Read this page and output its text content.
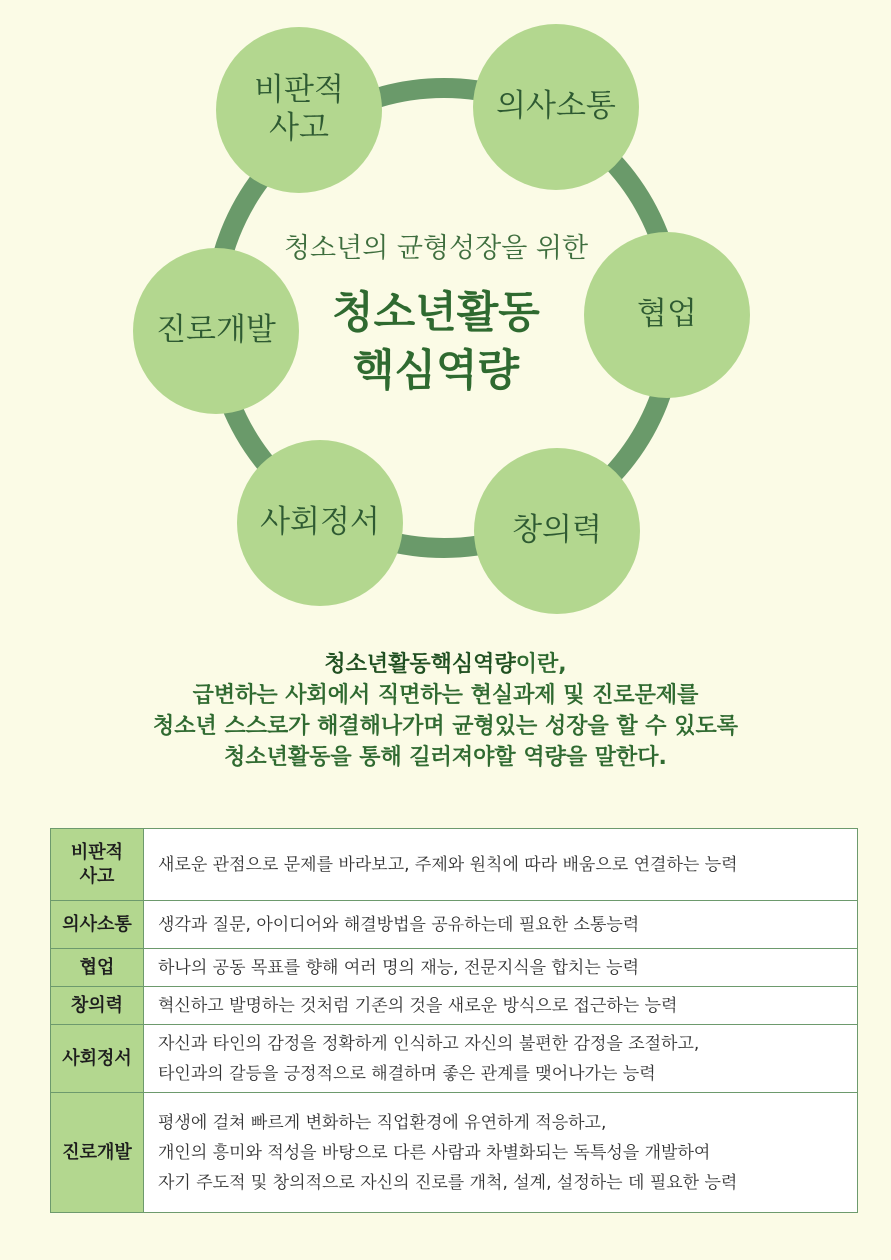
비판적
사고
의사소통
협업
창의력
사회정서
진로개발
청소년의 균형성장을 위한
청소년활동
핵심역량
청소년활동핵심역량이란,
급변하는 사회에서 직면하는 현실과제 및 진로문제를
청소년 스스로가 해결해나가며 균형있는 성장을 할 수 있도록
청소년활동을 통해 길러져야할 역량을 말한다.
비판적
사고	새로운 관점으로 문제를 바라보고, 주제와 원칙에 따라 배움으로 연결하는 능력
의사소통	생각과 질문, 아이디어와 해결방법을 공유하는데 필요한 소통능력
협업	하나의 공동 목표를 향해 여러 명의 재능, 전문지식을 합치는 능력
창의력	혁신하고 발명하는 것처럼 기존의 것을 새로운 방식으로 접근하는 능력
사회정서	자신과 타인의 감정을 정확하게 인식하고 자신의 불편한 감정을 조절하고,
타인과의 갈등을 긍정적으로 해결하며 좋은 관계를 맺어나가는 능력
진로개발	평생에 걸쳐 빠르게 변화하는 직업환경에 유연하게 적응하고,
개인의 흥미와 적성을 바탕으로 다른 사람과 차별화되는 독특성을 개발하여
자기 주도적 및 창의적으로 자신의 진로를 개척, 설계, 설정하는 데 필요한 능력
